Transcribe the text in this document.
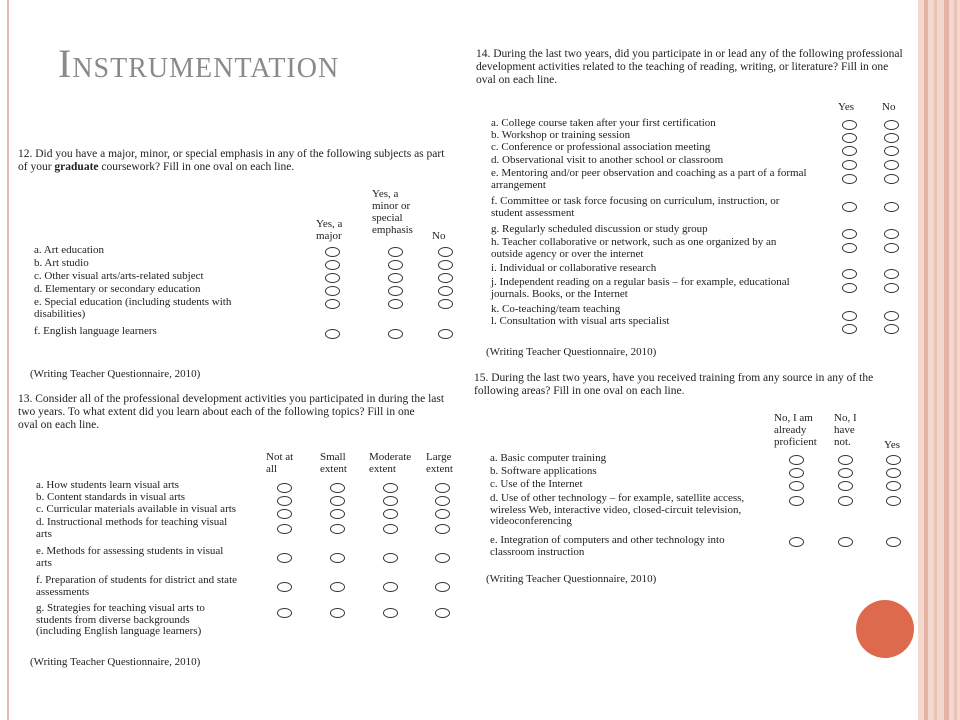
Instrumentation
12. Did you have a major, minor, or special emphasis in any of the following subjects as part
of your graduate coursework? Fill in one oval on each line.
Yes, a
major
Yes, a
minor or
special
emphasis No
a. Art education
b. Art studio
c. Other visual arts/arts-related subject
d. Elementary or secondary education
e. Special education (including students with
disabilities)
f. English language learners
(Writing Teacher Questionnaire, 2010)
13. Consider all of the professional development activities you participated in during the last
two years. To what extent did you learn about each of the following topics? Fill in one
oval on each line.
Not at
all
Small
extent
Moderate
extent
Large
extent
a. How students learn visual arts
b. Content standards in visual arts
c. Curricular materials available in visual arts
d. Instructional methods for teaching visual
arts
e. Methods for assessing students in visual
arts
f. Preparation of students for district and state
assessments
g. Strategies for teaching visual arts to
students from diverse backgrounds
(including English language learners)
(Writing Teacher Questionnaire, 2010)
14. During the last two years, did you participate in or lead any of the following professional
development activities related to the teaching of reading, writing, or literature? Fill in one
oval on each line.
Yes	No
a. College course taken after your first certification
b. Workshop or training session
c. Conference or professional association meeting
d. Observational visit to another school or classroom
e. Mentoring and/or peer observation and coaching as a part of a formal
arrangement
f. Committee or task force focusing on curriculum, instruction, or
student assessment
g. Regularly scheduled discussion or study group
h. Teacher collaborative or network, such as one organized by an
outside agency or over the internet
i. Individual or collaborative research
j. Independent reading on a regular basis – for example, educational
journals. Books, or the Internet
k. Co-teaching/team teaching
l. Consultation with visual arts specialist
(Writing Teacher Questionnaire, 2010)
15. During the last two years, have you received training from any source in any of the
following areas? Fill in one oval on each line.
No, I am
already
proficient
No, I
have
not.	Yes
a. Basic computer training
b. Software applications
c. Use of the Internet
d. Use of other technology – for example, satellite access,
wireless Web, interactive video, closed-circuit television,
videoconferencing
e. Integration of computers and other technology into
classroom instruction
(Writing Teacher Questionnaire, 2010)
